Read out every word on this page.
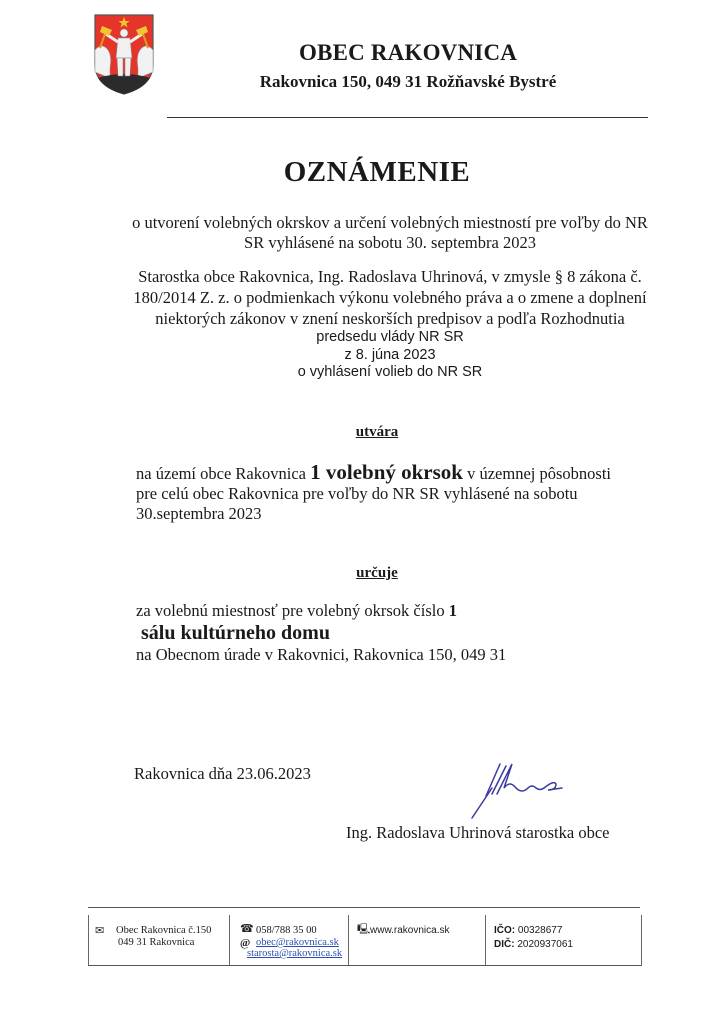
OBEC RAKOVNICA
Rakovnica 150, 049 31 Rožňavské Bystré
OZNÁMENIE
o utvorení volebných okrskov a určení volebných miestností pre voľby do NR
SR vyhlásené na sobotu 30. septembra 2023
Starostka obce Rakovnica, Ing. Radoslava Uhrinová, v zmysle § 8 zákona č.
180/2014 Z. z. o podmienkach výkonu volebného práva a o zmene a doplnení
niektorých zákonov v znení neskorších predpisov a podľa Rozhodnutia
predsedu vlády NR SR
z 8. júna 2023
o vyhlásení volieb do NR SR
utvára
na území obce Rakovnica 1 volebný okrsok v územnej pôsobnosti
pre celú obec Rakovnica pre voľby do NR SR vyhlásené na sobotu
30.septembra 2023
určuje
za volebnú miestnosť pre volebný okrsok číslo 1
sálu kultúrneho domu
na Obecnom úrade v Rakovnici, Rakovnica 150, 049 31
Rakovnica dňa 23.06.2023
Ing. Radoslava Uhrinová starostka obce
✉ Obec Rakovnica č.150
049 31 Rakovnica
☎ 058/788 35 00
@ obec@rakovnica.sk
starosta@rakovnica.sk
🖳 www.rakovnica.sk	IČO: 00328677
DIČ: 2020937061
